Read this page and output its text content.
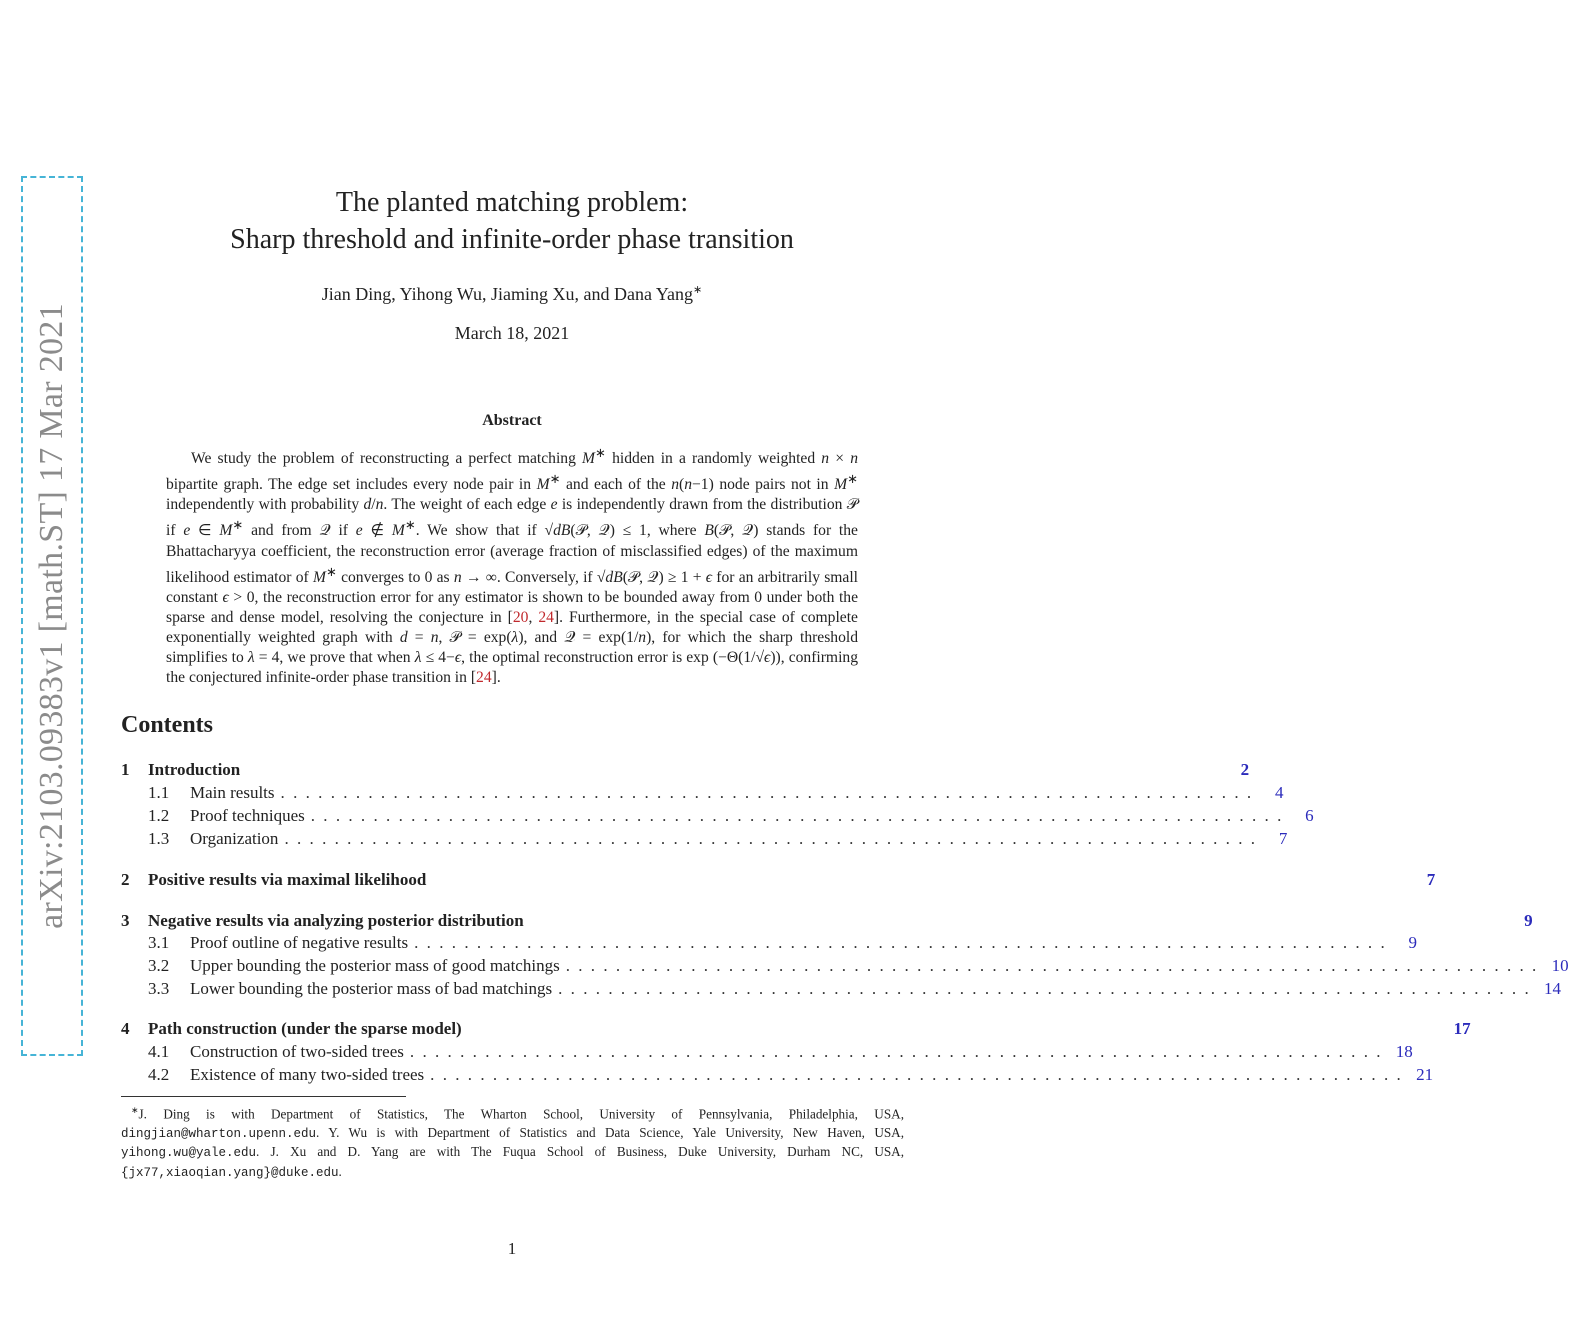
arXiv:2103.09383v1 [math.ST] 17 Mar 2021
The planted matching problem:
Sharp threshold and infinite-order phase transition
Jian Ding, Yihong Wu, Jiaming Xu, and Dana Yang∗
March 18, 2021
Abstract
We study the problem of reconstructing a perfect matching M∗ hidden in a randomly weighted n × n bipartite graph. The edge set includes every node pair in M∗ and each of the n(n−1) node pairs not in M∗ independently with probability d/n. The weight of each edge e is independently drawn from the distribution 𝒫 if e ∈ M∗ and from 𝒬 if e ∉ M∗. We show that if √dB(𝒫, 𝒬) ≤ 1, where B(𝒫, 𝒬) stands for the Bhattacharyya coefficient, the reconstruction error (average fraction of misclassified edges) of the maximum likelihood estimator of M∗ converges to 0 as n → ∞. Conversely, if √dB(𝒫, 𝒬) ≥ 1 + ϵ for an arbitrarily small constant ϵ > 0, the reconstruction error for any estimator is shown to be bounded away from 0 under both the sparse and dense model, resolving the conjecture in [20, 24]. Furthermore, in the special case of complete exponentially weighted graph with d = n, 𝒫 = exp(λ), and 𝒬 = exp(1/n), for which the sharp threshold simplifies to λ = 4, we prove that when λ ≤ 4−ϵ, the optimal reconstruction error is exp (−Θ(1/√ϵ)), confirming the conjectured infinite-order phase transition in [24].
Contents
1	Introduction	2
1.1	Main results .............................................................................. 4
1.2	Proof techniques .............................................................................. 6
1.3	Organization .............................................................................. 7
2	Positive results via maximal likelihood	7
3	Negative results via analyzing posterior distribution	9
3.1	Proof outline of negative results .............................................................................. 9
3.2	Upper bounding the posterior mass of good matchings .............................................................................. 10
3.3	Lower bounding the posterior mass of bad matchings .............................................................................. 14
4	Path construction (under the sparse model)	17
4.1	Construction of two-sided trees .............................................................................. 18
4.2	Existence of many two-sided trees .............................................................................. 21
∗J. Ding is with Department of Statistics, The Wharton School, University of Pennsylvania, Philadelphia, USA, dingjian@wharton.upenn.edu. Y. Wu is with Department of Statistics and Data Science, Yale University, New Haven, USA, yihong.wu@yale.edu. J. Xu and D. Yang are with The Fuqua School of Business, Duke University, Durham NC, USA, {jx77,xiaoqian.yang}@duke.edu.
1
